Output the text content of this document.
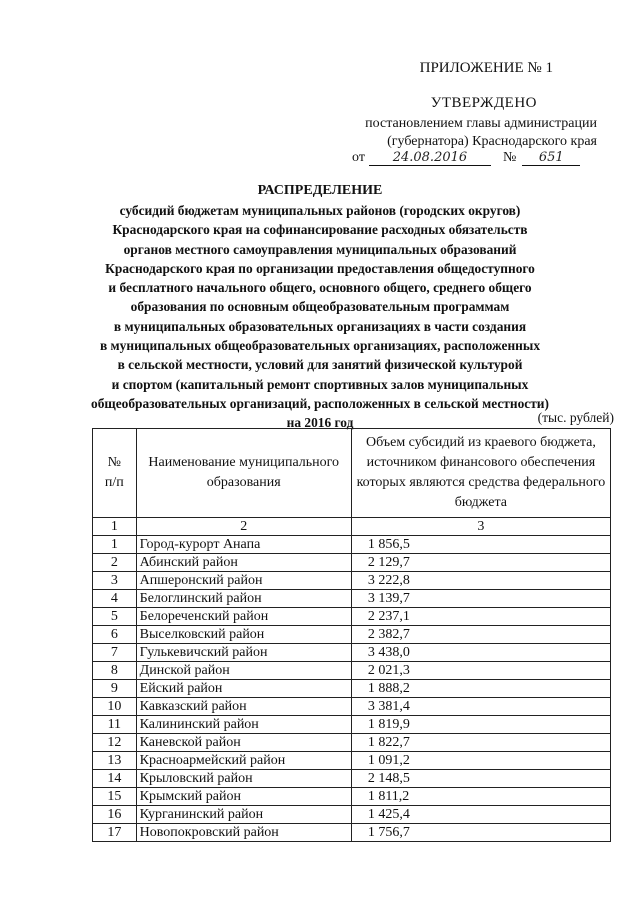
ПРИЛОЖЕНИЕ № 1
УТВЕРЖДЕНО
постановлением главы администрации
(губернатора) Краснодарского края
от 24.08.2016	№ 651
РАСПРЕДЕЛЕНИЕ
субсидий бюджетам муниципальных районов (городских округов)
Краснодарского края на софинансирование расходных обязательств
органов местного самоуправления муниципальных образований
Краснодарского края по организации предоставления общедоступного
и бесплатного начального общего, основного общего, среднего общего
образования по основным общеобразовательным программам
в муниципальных образовательных организациях в части создания
в муниципальных общеобразовательных организациях, расположенных
в сельской местности, условий для занятий физической культурой
и спортом (капитальный ремонт спортивных залов муниципальных
общеобразовательных организаций, расположенных в сельской местности)
на 2016 год	(тыс. рублей)
№
п/п	Наименование муниципального образования	Объем субсидий из краевого бюджета, источником финансового обеспечения которых являются средства федерального бюджета
1	2	3
1	Город-курорт Анапа	1 856,5
2	Абинский район	2 129,7
3	Апшеронский район	3 222,8
4	Белоглинский район	3 139,7
5	Белореченский район	2 237,1
6	Выселковский район	2 382,7
7	Гулькевичский район	3 438,0
8	Динской район	2 021,3
9	Ейский район	1 888,2
10	Кавказский район	3 381,4
11	Калининский район	1 819,9
12	Каневской район	1 822,7
13	Красноармейский район	1 091,2
14	Крыловский район	2 148,5
15	Крымский район	1 811,2
16	Курганинский район	1 425,4
17	Новопокровский район	1 756,7
